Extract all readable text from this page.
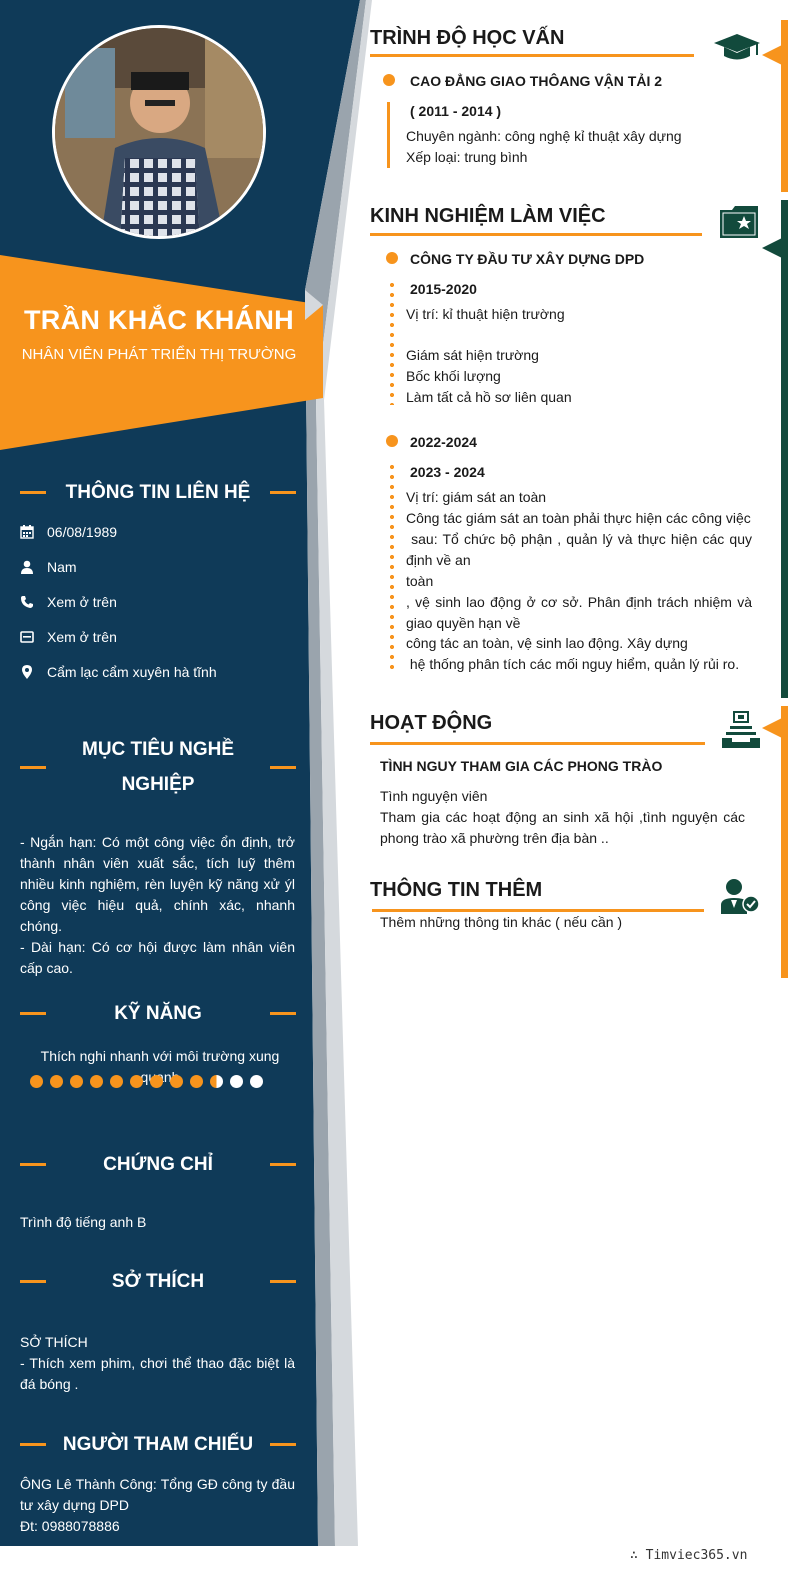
TRẦN KHẮC KHÁNH
NHÂN VIÊN PHÁT TRIỂN THỊ TRƯỜNG
THÔNG TIN LIÊN HỆ
06/08/1989
Nam
Xem ở trên
Xem ở trên
Cẩm lạc cẩm xuyên hà tĩnh
MỤC TIÊU NGHỀ
NGHIỆP
- Ngắn hạn: Có một công việc ổn định, trở thành nhân viên xuất sắc, tích luỹ thêm nhiều kinh nghiệm, rèn luyện kỹ năng xử ýl công việc hiệu quả, chính xác, nhanh chóng.
- Dài hạn: Có cơ hội được làm nhân viên cấp cao.
KỸ NĂNG
Thích nghi nhanh với môi trường xung
CHỨNG CHỈ
Trình độ tiếng anh B
SỞ THÍCH
SỞ THÍCH
- Thích xem phim, chơi thể thao đặc biệt là đá bóng .
NGƯỜI THAM CHIẾU
ÔNG Lê Thành Công: Tổng GĐ công ty đầu tư xây dựng DPD
Đt: 0988078886
TRÌNH ĐỘ HỌC VẤN
CAO ĐẲNG GIAO THÔANG VẬN TẢI 2
( 2011 - 2014 )
Chuyên ngành: công nghệ kỉ thuật xây dựng
Xếp loại: trung bình
KINH NGHIỆM LÀM VIỆC
CÔNG TY ĐẦU TƯ XÂY DỰNG DPD
2015-2020
Vị trí: kỉ thuật hiện trường
Giám sát hiện trường
Bốc khối lượng
Làm tất cả hồ sơ liên quan
2022-2024
2023 - 2024
Vị trí: giám sát an toàn
Công tác giám sát an toàn phải thực hiện các công việc
sau: Tổ chức bộ phận , quản lý và thực hiện các quy định về an
toàn
, vệ sinh lao động ở cơ sở. Phân định trách nhiệm và giao quyền hạn về
công tác an toàn, vệ sinh lao động. Xây dựng
hệ thống phân tích các mối nguy hiểm, quản lý rủi ro.
HOẠT ĐỘNG
TÌNH NGUY THAM GIA CÁC PHONG TRÀO
Tình nguyện viên
Tham gia các hoạt động an sinh xã hội ,tình nguyện các phong trào xã phường trên địa bàn ..
THÔNG TIN THÊM
Thêm những thông tin khác ( nếu cần )
∴ Timviec365.vn
